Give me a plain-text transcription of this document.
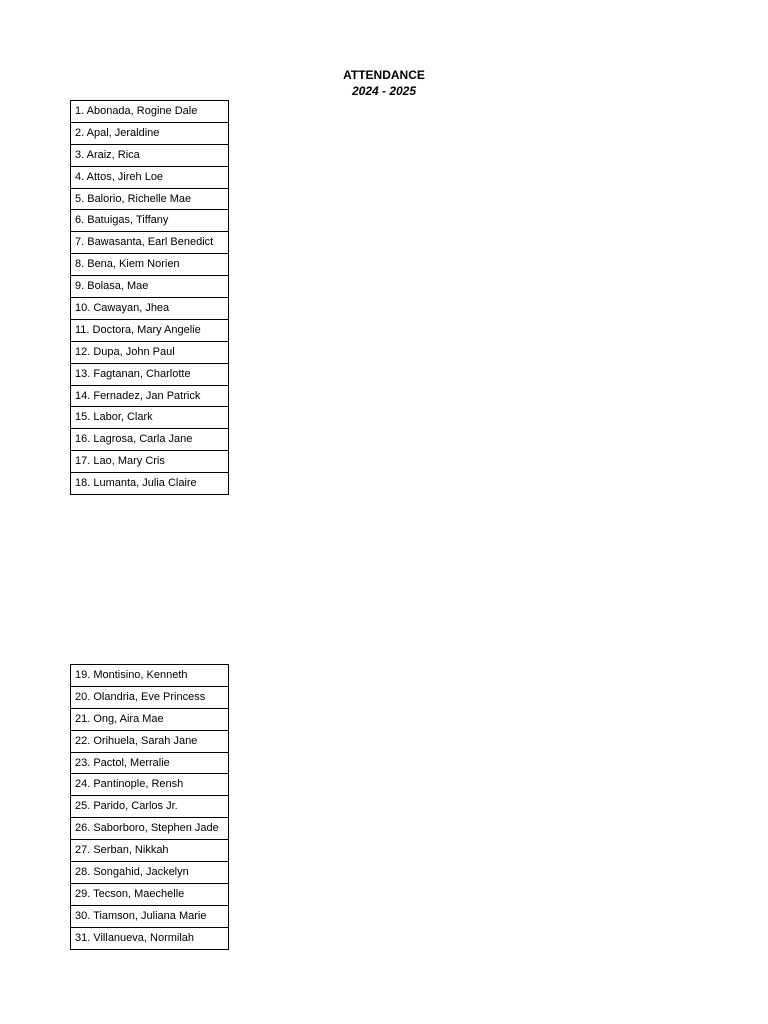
ATTENDANCE
2024 - 2025
1. Abonada, Rogine Dale
2. Apal, Jeraldine
3. Araiz, Rica
4. Attos, Jireh Loe
5. Balorio, Richelle Mae
6. Batuigas, Tiffany
7. Bawasanta, Earl Benedict
8. Bena, Kiem Norien
9. Bolasa, Mae
10. Cawayan, Jhea
11. Doctora, Mary Angelie
12. Dupa, John Paul
13. Fagtanan, Charlotte
14. Fernadez, Jan Patrick
15. Labor, Clark
16. Lagrosa, Carla Jane
17. Lao, Mary Cris
18. Lumanta, Julia Claire
19. Montisino, Kenneth
20. Olandria, Eve Princess
21. Ong, Aira Mae
22. Orihuela, Sarah Jane
23. Pactol, Merralie
24. Pantinople, Rensh
25. Parido, Carlos Jr.
26. Saborboro, Stephen Jade
27. Serban, Nikkah
28. Songahid, Jackelyn
29. Tecson, Maechelle
30. Tiamson, Juliana Marie
31. Villanueva, Normilah
